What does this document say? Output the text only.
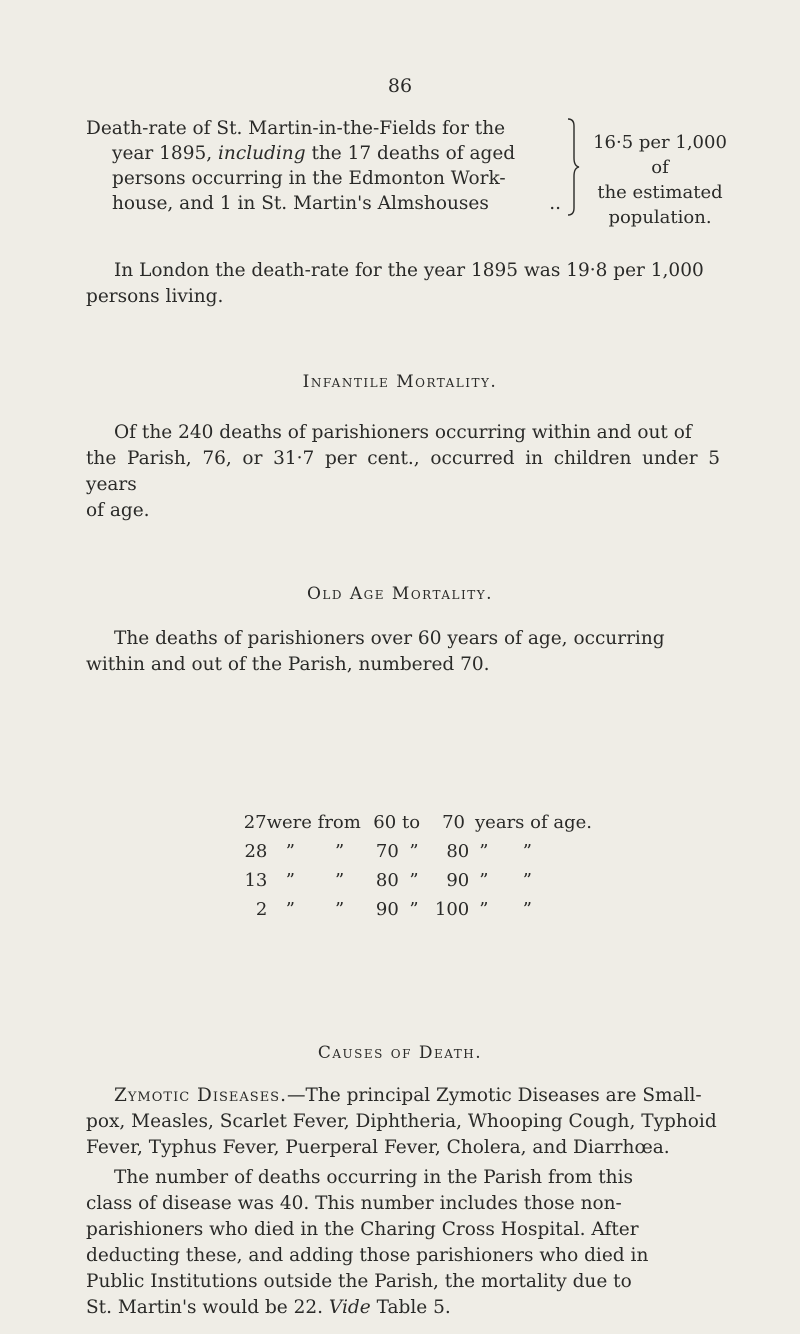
86
Death-rate of St. Martin-in-the-Fields for the
year 1895, including the 17 deaths of aged
persons occurring in the Edmonton Work-
house, and 1 in St. Martin's Almshouses	..
16·5 per 1,000 of
the estimated
population.
In London the death-rate for the year 1895 was 19·8 per 1,000
persons living.
Infantile Mortality.
Of the 240 deaths of parishioners occurring within and out of
the Parish, 76, or 31·7 per cent., occurred in children under 5 years
of age.
Old Age Mortality.
The deaths of parishioners over 60 years of age, occurring
within and out of the Parish, numbered 70.
27 were from 60 to	70 years of age.
28	”       ”	70 ”	80 ”      ”
13	”       ”	80 ”	90 ”      ”
2	”       ”	90 ” 100 ”      ”
Causes of Death.
Zymotic Diseases.—The principal Zymotic Diseases are Small-
pox, Measles, Scarlet Fever, Diphtheria, Whooping Cough, Typhoid
Fever, Typhus Fever, Puerperal Fever, Cholera, and Diarrhœa.
The number of deaths occurring in the Parish from this
class of disease was 40. This number includes those non-
parishioners who died in the Charing Cross Hospital. After
deducting these, and adding those parishioners who died in
Public Institutions outside the Parish, the mortality due to
St. Martin's would be 22. Vide Table 5.
